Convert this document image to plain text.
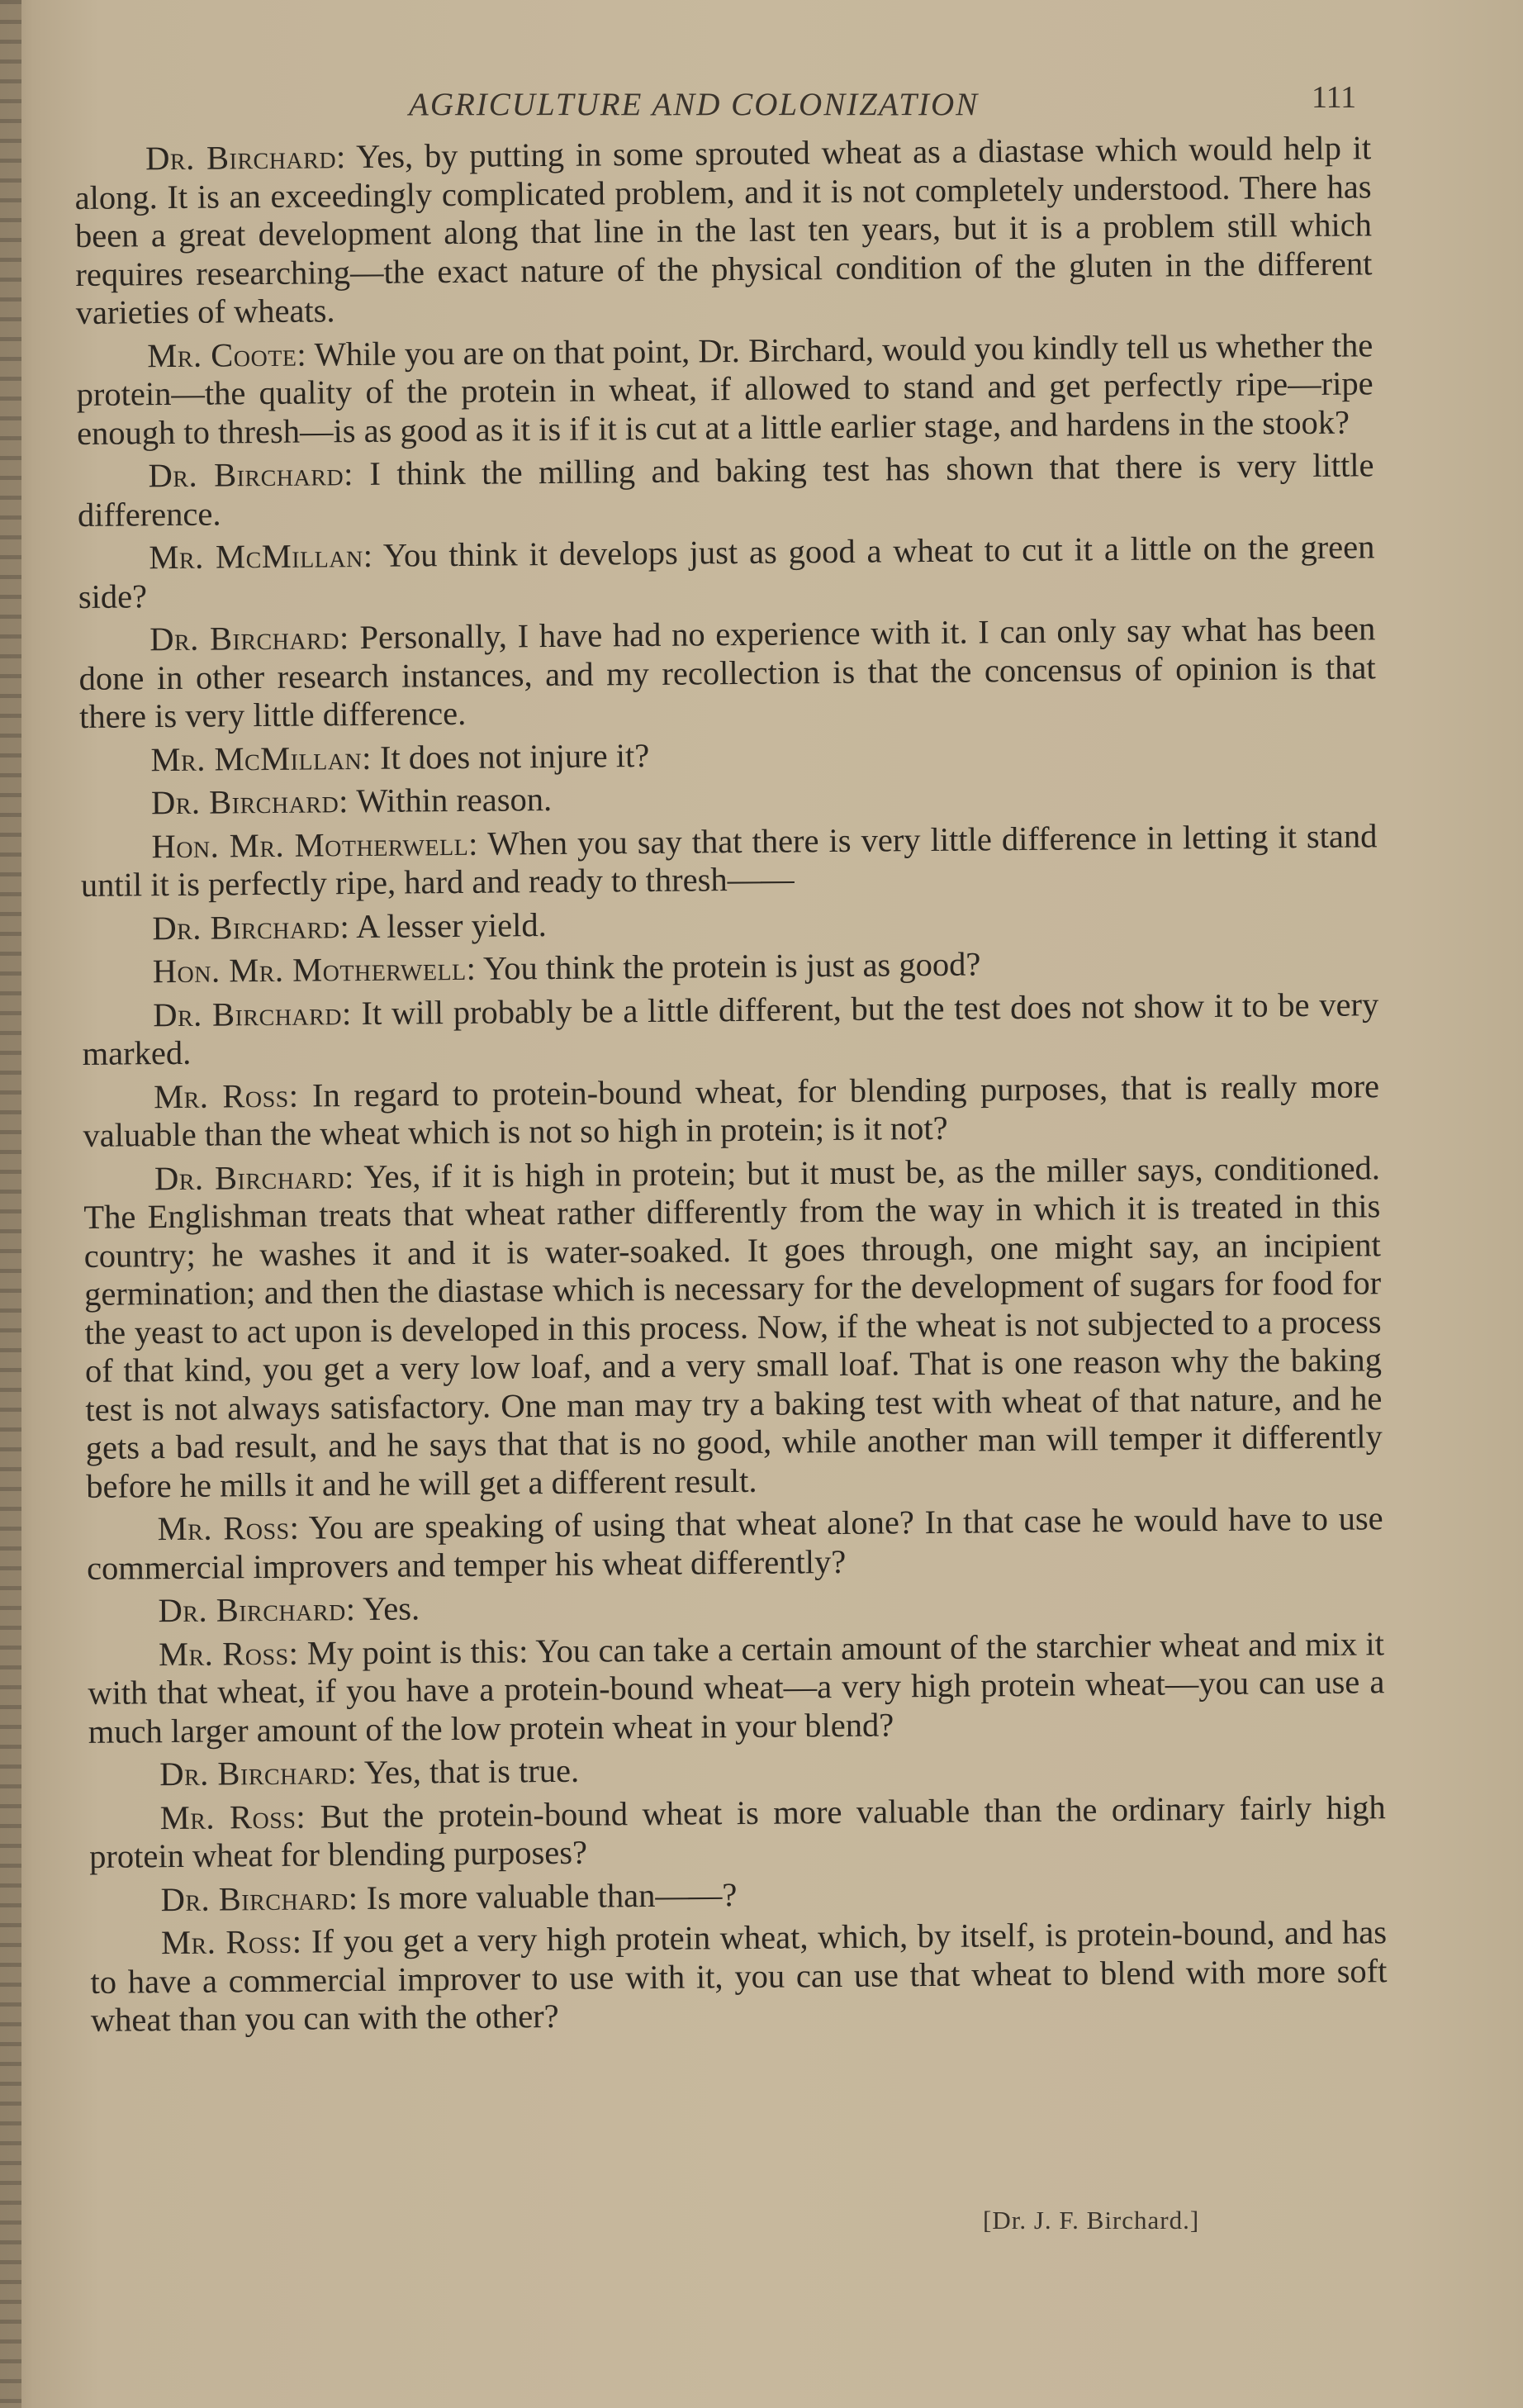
AGRICULTURE AND COLONIZATION	111

Dr. Birchard: Yes, by putting in some sprouted wheat as a diastase which would help it along. It is an exceedingly complicated problem, and it is not completely understood. There has been a great development along that line in the last ten years, but it is a problem still which requires researching—the exact nature of the physical condition of the gluten in the different varieties of wheats.

Mr. Coote: While you are on that point, Dr. Birchard, would you kindly tell us whether the protein—the quality of the protein in wheat, if allowed to stand and get perfectly ripe—ripe enough to thresh—is as good as it is if it is cut at a little earlier stage, and hardens in the stook?

Dr. Birchard: I think the milling and baking test has shown that there is very little difference.

Mr. McMillan: You think it develops just as good a wheat to cut it a little on the green side?

Dr. Birchard: Personally, I have had no experience with it. I can only say what has been done in other research instances, and my recollection is that the concensus of opinion is that there is very little difference.

Mr. McMillan: It does not injure it?

Dr. Birchard: Within reason.

Hon. Mr. Motherwell: When you say that there is very little difference in letting it stand until it is perfectly ripe, hard and ready to thresh——

Dr. Birchard: A lesser yield.

Hon. Mr. Motherwell: You think the protein is just as good?

Dr. Birchard: It will probably be a little different, but the test does not show it to be very marked.

Mr. Ross: In regard to protein-bound wheat, for blending purposes, that is really more valuable than the wheat which is not so high in protein; is it not?

Dr. Birchard: Yes, if it is high in protein; but it must be, as the miller says, conditioned. The Englishman treats that wheat rather differently from the way in which it is treated in this country; he washes it and it is water-soaked. It goes through, one might say, an incipient germination; and then the diastase which is necessary for the development of sugars for food for the yeast to act upon is developed in this process. Now, if the wheat is not subjected to a process of that kind, you get a very low loaf, and a very small loaf. That is one reason why the baking test is not always satisfactory. One man may try a baking test with wheat of that nature, and he gets a bad result, and he says that that is no good, while another man will temper it differently before he mills it and he will get a different result.

Mr. Ross: You are speaking of using that wheat alone? In that case he would have to use commercial improvers and temper his wheat differently?

Dr. Birchard: Yes.

Mr. Ross: My point is this: You can take a certain amount of the starchier wheat and mix it with that wheat, if you have a protein-bound wheat—a very high protein wheat—you can use a much larger amount of the low protein wheat in your blend?

Dr. Birchard: Yes, that is true.

Mr. Ross: But the protein-bound wheat is more valuable than the ordinary fairly high protein wheat for blending purposes?

Dr. Birchard: Is more valuable than——?

Mr. Ross: If you get a very high protein wheat, which, by itself, is protein-bound, and has to have a commercial improver to use with it, you can use that wheat to blend with more soft wheat than you can with the other?

[Dr. J. F. Birchard.]
